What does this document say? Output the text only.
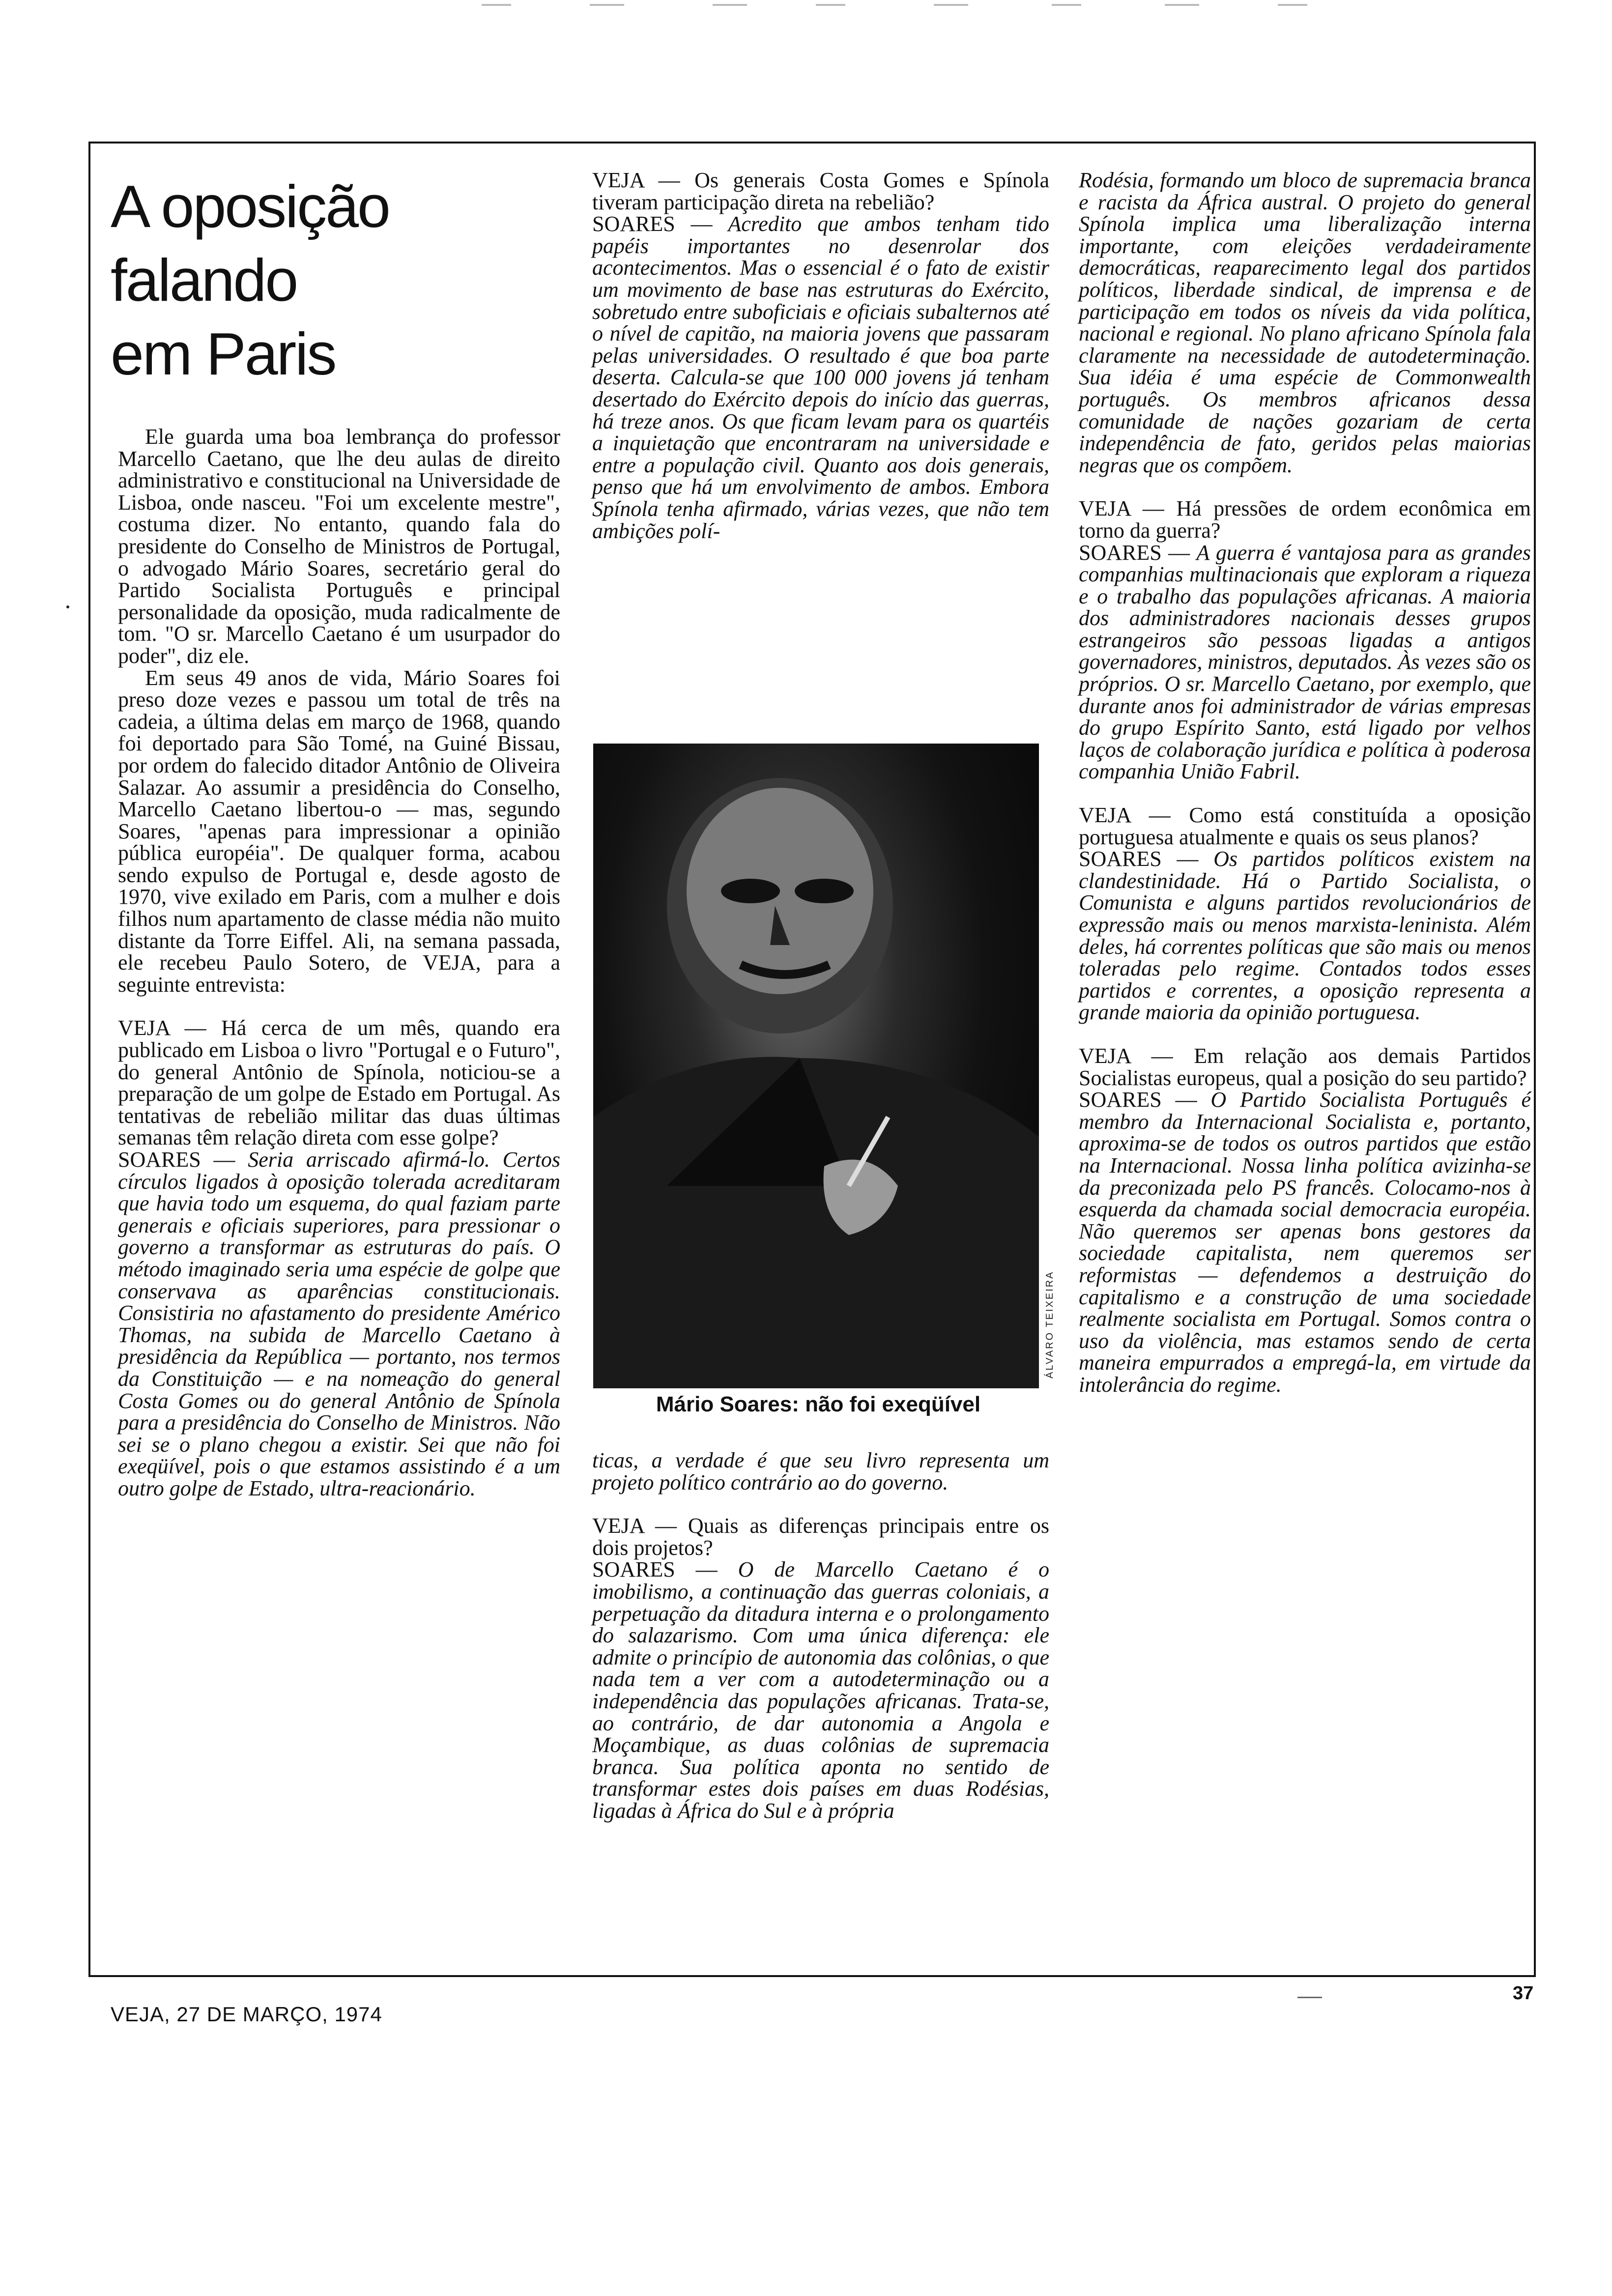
A oposição
falando
em Paris

Ele guarda uma boa lembrança do professor Marcello Caetano, que lhe deu aulas de direito administrativo e constitucional na Universidade de Lisboa, onde nasceu. "Foi um excelente mestre", costuma dizer. No entanto, quando fala do presidente do Conselho de Ministros de Portugal, o advogado Mário Soares, secretário geral do Partido Socialista Português e principal personalidade da oposição, muda radicalmente de tom. "O sr. Marcello Caetano é um usurpador do poder", diz ele.

Em seus 49 anos de vida, Mário Soares foi preso doze vezes e passou um total de três na cadeia, a última delas em março de 1968, quando foi deportado para São Tomé, na Guiné Bissau, por ordem do falecido ditador Antônio de Oliveira Salazar. Ao assumir a presidência do Conselho, Marcello Caetano libertou-o — mas, segundo Soares, "apenas para impressionar a opinião pública européia". De qualquer forma, acabou sendo expulso de Portugal e, desde agosto de 1970, vive exilado em Paris, com a mulher e dois filhos num apartamento de classe média não muito distante da Torre Eiffel. Ali, na semana passada, ele recebeu Paulo Sotero, de VEJA, para a seguinte entrevista:

VEJA — Há cerca de um mês, quando era publicado em Lisboa o livro "Portugal e o Futuro", do general Antônio de Spínola, noticiou-se a preparação de um golpe de Estado em Portugal. As tentativas de rebelião militar das duas últimas semanas têm relação direta com esse golpe?

SOARES — Seria arriscado afirmá-lo. Certos círculos ligados à oposição tolerada acreditaram que havia todo um esquema, do qual faziam parte generais e oficiais superiores, para pressionar o governo a transformar as estruturas do país. O método imaginado seria uma espécie de golpe que conservava as aparências constitucionais. Consistiria no afastamento do presidente Américo Thomas, na subida de Marcello Caetano à presidência da República — portanto, nos termos da Constituição — e na nomeação do general Costa Gomes ou do general Antônio de Spínola para a presidência do Conselho de Ministros. Não sei se o plano chegou a existir. Sei que não foi exeqüível, pois o que estamos assistindo é a um outro golpe de Estado, ultra-reacionário.

VEJA — Os generais Costa Gomes e Spínola tiveram participação direta na rebelião?

SOARES — Acredito que ambos tenham tido papéis importantes no desenrolar dos acontecimentos. Mas o essencial é o fato de existir um movimento de base nas estruturas do Exército, sobretudo entre suboficiais e oficiais subalternos até o nível de capitão, na maioria jovens que passaram pelas universidades. O resultado é que boa parte deserta. Calcula-se que 100 000 jovens já tenham desertado do Exército depois do início das guerras, há treze anos. Os que ficam levam para os quartéis a inquietação que encontraram na universidade e entre a população civil. Quanto aos dois generais, penso que há um envolvimento de ambos. Embora Spínola tenha afirmado, várias vezes, que não tem ambições polí-

ÁLVARO TEIXEIRA
Mário Soares: não foi exeqüível

ticas, a verdade é que seu livro representa um projeto político contrário ao do governo.

VEJA — Quais as diferenças principais entre os dois projetos?

SOARES — O de Marcello Caetano é o imobilismo, a continuação das guerras coloniais, a perpetuação da ditadura interna e o prolongamento do salazarismo. Com uma única diferença: ele admite o princípio de autonomia das colônias, o que nada tem a ver com a autodeterminação ou a independência das populações africanas. Trata-se, ao contrário, de dar autonomia a Angola e Moçambique, as duas colônias de supremacia branca. Sua política aponta no sentido de transformar estes dois países em duas Rodésias, ligadas à África do Sul e à própria

Rodésia, formando um bloco de supremacia branca e racista da África austral. O projeto do general Spínola implica uma liberalização interna importante, com eleições verdadeiramente democráticas, reaparecimento legal dos partidos políticos, liberdade sindical, de imprensa e de participação em todos os níveis da vida política, nacional e regional. No plano africano Spínola fala claramente na necessidade de autodeterminação. Sua idéia é uma espécie de Commonwealth português. Os membros africanos dessa comunidade de nações gozariam de certa independência de fato, geridos pelas maiorias negras que os compõem.

VEJA — Há pressões de ordem econômica em torno da guerra?

SOARES — A guerra é vantajosa para as grandes companhias multinacionais que exploram a riqueza e o trabalho das populações africanas. A maioria dos administradores nacionais desses grupos estrangeiros são pessoas ligadas a antigos governadores, ministros, deputados. Às vezes são os próprios. O sr. Marcello Caetano, por exemplo, que durante anos foi administrador de várias empresas do grupo Espírito Santo, está ligado por velhos laços de colaboração jurídica e política à poderosa companhia União Fabril.

VEJA — Como está constituída a oposição portuguesa atualmente e quais os seus planos?

SOARES — Os partidos políticos existem na clandestinidade. Há o Partido Socialista, o Comunista e alguns partidos revolucionários de expressão mais ou menos marxista-leninista. Além deles, há correntes políticas que são mais ou menos toleradas pelo regime. Contados todos esses partidos e correntes, a oposição representa a grande maioria da opinião portuguesa.

VEJA — Em relação aos demais Partidos Socialistas europeus, qual a posição do seu partido?

SOARES — O Partido Socialista Português é membro da Internacional Socialista e, portanto, aproxima-se de todos os outros partidos que estão na Internacional. Nossa linha política avizinha-se da preconizada pelo PS francês. Colocamo-nos à esquerda da chamada social democracia européia. Não queremos ser apenas bons gestores da sociedade capitalista, nem queremos ser reformistas — defendemos a destruição do capitalismo e a construção de uma sociedade realmente socialista em Portugal. Somos contra o uso da violência, mas estamos sendo de certa maneira empurrados a empregá-la, em virtude da intolerância do regime.

VEJA, 27 DE MARÇO, 1974
37
